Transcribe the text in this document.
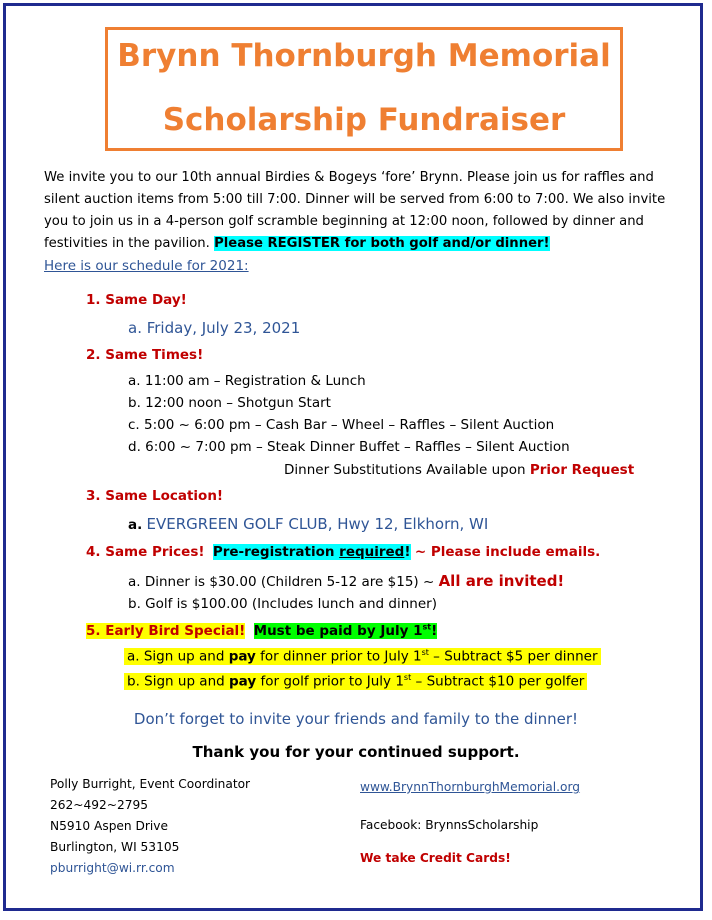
Brynn Thornburgh Memorial
Scholarship Fundraiser
We invite you to our 10th annual Birdies & Bogeys ‘fore’ Brynn. Please join us for raffles and silent auction items from 5:00 till 7:00. Dinner will be served from 6:00 to 7:00. We also invite you to join us in a 4-person golf scramble beginning at 12:00 noon, followed by dinner and festivities in the pavilion. Please REGISTER for both golf and/or dinner!
Here is our schedule for 2021:
1. Same Day!
a. Friday, July 23, 2021
2. Same Times!
a. 11:00 am – Registration & Lunch
b. 12:00 noon – Shotgun Start
c. 5:00 ~ 6:00 pm – Cash Bar – Wheel – Raffles – Silent Auction
d. 6:00 ~ 7:00 pm – Steak Dinner Buffet – Raffles – Silent Auction
Dinner Substitutions Available upon Prior Request
3. Same Location!
a. EVERGREEN GOLF CLUB, Hwy 12, Elkhorn, WI
4. Same Prices! Pre-registration required! ~ Please include emails.
a. Dinner is $30.00 (Children 5-12 are $15) ~ All are invited!
b. Golf is $100.00 (Includes lunch and dinner)
5. Early Bird Special! Must be paid by July 1st!
a. Sign up and pay for dinner prior to July 1st – Subtract $5 per dinner
b. Sign up and pay for golf prior to July 1st – Subtract $10 per golfer
Don’t forget to invite your friends and family to the dinner!
Thank you for your continued support.
Polly Burright, Event Coordinator
262~492~2795
N5910 Aspen Drive
Burlington, WI 53105
pburright@wi.rr.com
www.BrynnThornburghMemorial.org
Facebook: BrynnsScholarship
We take Credit Cards!
